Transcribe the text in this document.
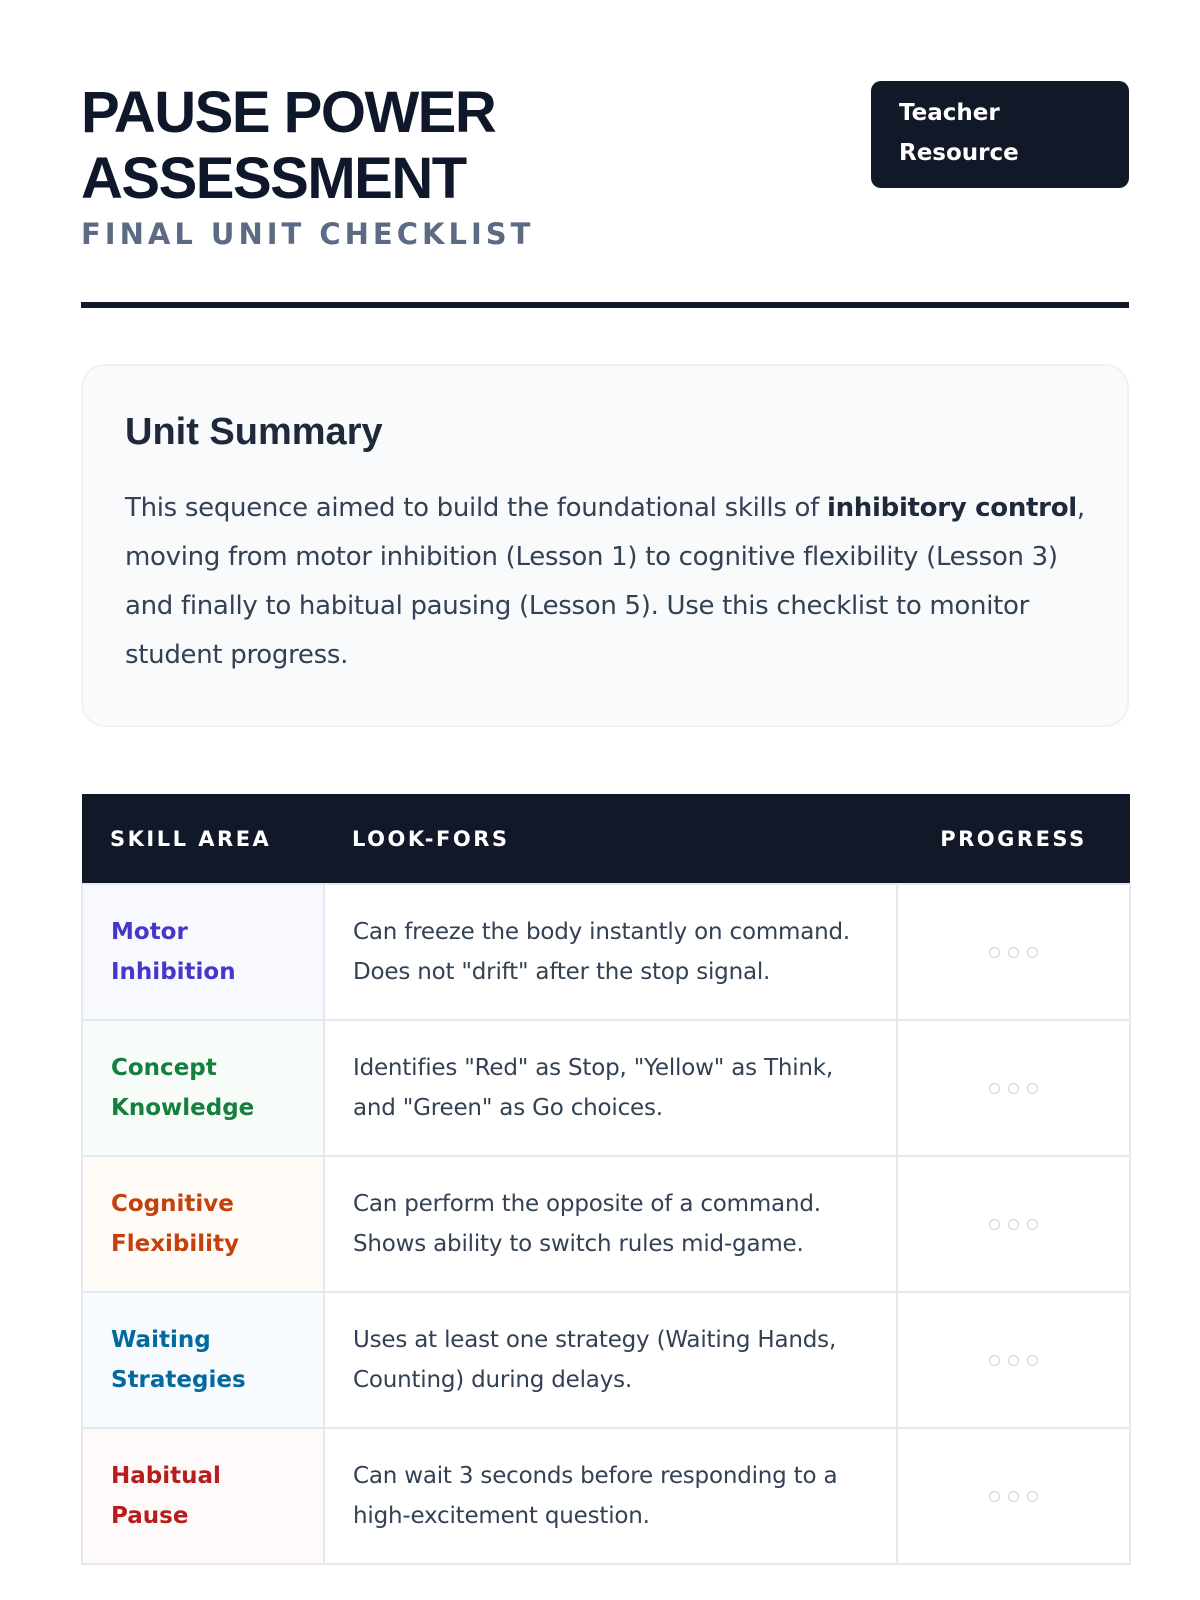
PAUSE POWER
ASSESSMENT

FINAL UNIT CHECKLIST

Teacher
Resource
Unit Summary

This sequence aimed to build the foundational skills of inhibitory control, moving from motor inhibition (Lesson 1) to cognitive flexibility (Lesson 3) and finally to habitual pausing (Lesson 5). Use this checklist to monitor student progress.

SKILL AREA	LOOK-FORS	PROGRESS
Motor
Inhibition	Can freeze the body instantly on command.
Does not "drift" after the stop signal.	

Concept
Knowledge	Identifies "Red" as Stop, "Yellow" as Think,
and "Green" as Go choices.	

Cognitive
Flexibility	Can perform the opposite of a command.
Shows ability to switch rules mid-game.	

Waiting
Strategies	Uses at least one strategy (Waiting Hands,
Counting) during delays.	

Habitual Pause	Can wait 3 seconds before responding to a
high-excitement question.	
